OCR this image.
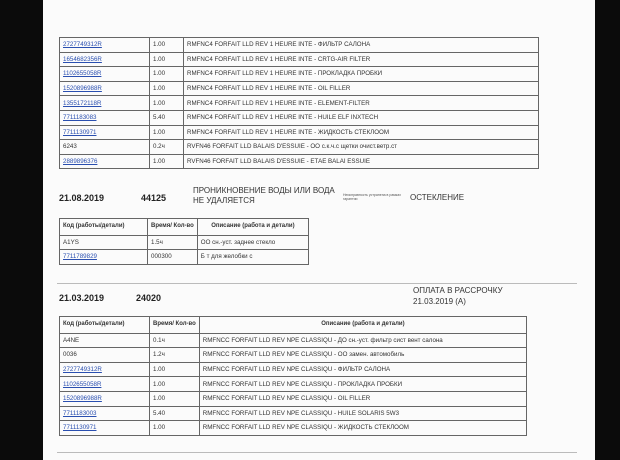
2727749312R	1.00	RMFNC4 FORFAIT LLD REV 1 HEURE INTE - ФИЛЬТР САЛОНА
1654682356R	1.00	RMFNC4 FORFAIT LLD REV 1 HEURE INTE - CRTG-AIR FILTER
1102655058R	1.00	RMFNC4 FORFAIT LLD REV 1 HEURE INTE - ПРОКЛАДКА ПРОБКИ
1520896988R	1.00	RMFNC4 FORFAIT LLD REV 1 HEURE INTE - OIL FILLER
1355172118R	1.00	RMFNC4 FORFAIT LLD REV 1 HEURE INTE - ELEMENT-FILTER
7711183083	5.40	RMFNC4 FORFAIT LLD REV 1 HEURE INTE - HUILE ELF INXTECH
7711130971	1.00	RMFNC4 FORFAIT LLD REV 1 HEURE INTE - ЖИДКОСТЬ СТЕКЛООМ
6243	0.2ч	RVFN46 FORFAIT LLD BALAIS D'ESSUIE - ОО с.к.ч.с щетки очист.ветр.ст
2889896376	1.00	RVFN46 FORFAIT LLD BALAIS D'ESSUIE - ЕТАЕ BALAI ESSUIE
21.08.2019	44125
ПРОНИКНОВЕНИЕ ВОДЫ ИЛИ ВОДА НЕ УДАЛЯЕТСЯ
Неисправность устранена в рамках гарантии	ОСТЕКЛЕНИЕ
Код (работы/детали)	Время/ Кол-во	Описание (работа и детали)
A1YS	1.5ч	ОО сн.-уст. заднее стекло
7711789829	000300	Б т для желобки с
21.03.2019	24020
ОПЛАТА В РАССРОЧКУ
21.03.2019 (A)
Код (работы/детали)	Время/ Кол-во	Описание (работа и детали)
A4NE	0.1ч	RMFNCC FORFAIT LLD REV NPE CLASSIQU - ДО сн.-уст. фильтр сист вент салона
0036	1.2ч	RMFNCC FORFAIT LLD REV NPE CLASSIQU - ОО замен. автомобиль
2727749312R	1.00	RMFNCC FORFAIT LLD REV NPE CLASSIQU - ФИЛЬТР САЛОНА
1102655058R	1.00	RMFNCC FORFAIT LLD REV NPE CLASSIQU - ПРОКЛАДКА ПРОБКИ
1520896988R	1.00	RMFNCC FORFAIT LLD REV NPE CLASSIQU - OIL FILLER
7711183003	5.40	RMFNCC FORFAIT LLD REV NPE CLASSIQU - HUILE SOLARIS 5W3
7711130971	1.00	RMFNCC FORFAIT LLD REV NPE CLASSIQU - ЖИДКОСТЬ СТЕКЛООМ
